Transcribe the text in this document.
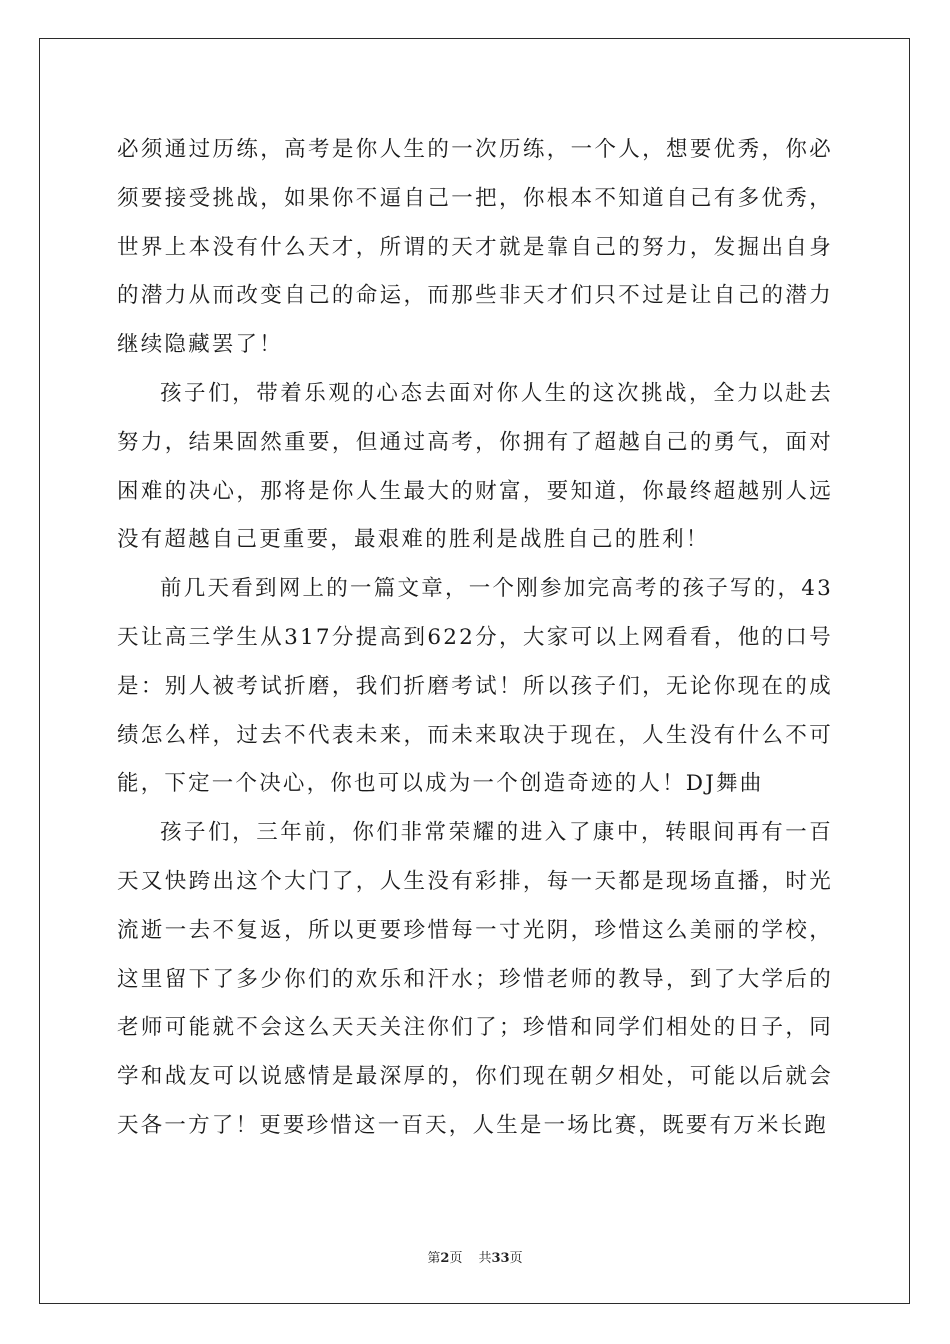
必须通过历练，高考是你人生的一次历练，一个人，想要优秀，你必须要接受挑战，如果你不逼自己一把，你根本不知道自己有多优秀，世界上本没有什么天才，所谓的天才就是靠自己的努力，发掘出自身的潜力从而改变自己的命运，而那些非天才们只不过是让自己的潜力继续隐藏罢了！

孩子们，带着乐观的心态去面对你人生的这次挑战，全力以赴去努力，结果固然重要，但通过高考，你拥有了超越自己的勇气，面对困难的决心，那将是你人生最大的财富，要知道，你最终超越别人远没有超越自己更重要，最艰难的胜利是战胜自己的胜利！

前几天看到网上的一篇文章，一个刚参加完高考的孩子写的，43天让高三学生从317分提高到622分，大家可以上网看看，他的口号是：别人被考试折磨，我们折磨考试！所以孩子们，无论你现在的成绩怎么样，过去不代表未来，而未来取决于现在，人生没有什么不可能，下定一个决心，你也可以成为一个创造奇迹的人！DJ舞曲

孩子们，三年前，你们非常荣耀的进入了康中，转眼间再有一百天又快跨出这个大门了，人生没有彩排，每一天都是现场直播，时光流逝一去不复返，所以更要珍惜每一寸光阴，珍惜这么美丽的学校，这里留下了多少你们的欢乐和汗水；珍惜老师的教导，到了大学后的老师可能就不会这么天天关注你们了；珍惜和同学们相处的日子，同学和战友可以说感情是最深厚的，你们现在朝夕相处，可能以后就会天各一方了！更要珍惜这一百天，人生是一场比赛，既要有万米长跑

第2页 共33页
